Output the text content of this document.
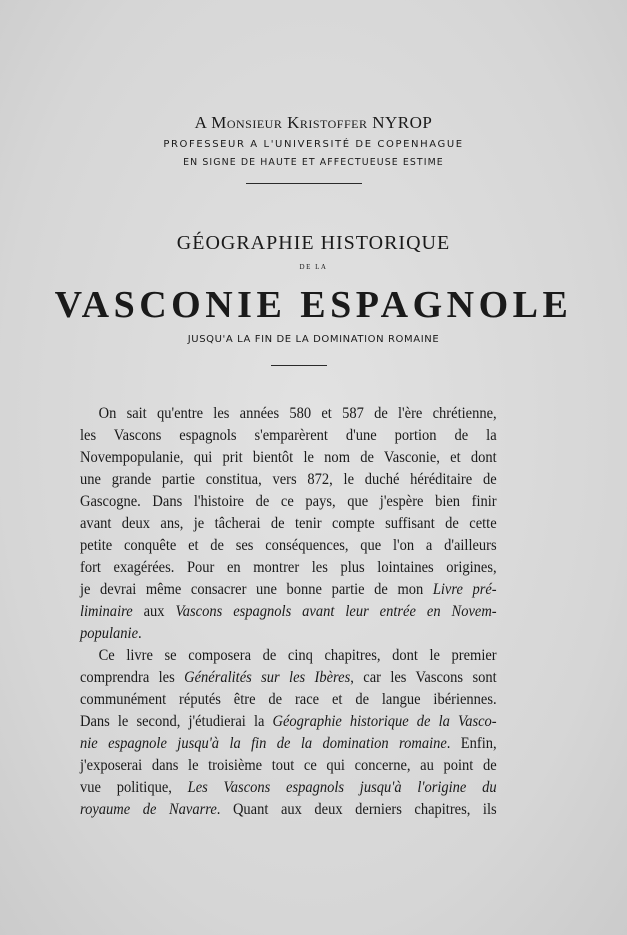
A Monsieur Kristoffer NYROP
PROFESSEUR A L'UNIVERSITÉ DE COPENHAGUE
EN SIGNE DE HAUTE ET AFFECTUEUSE ESTIME
GÉOGRAPHIE HISTORIQUE
DE LA
VASCONIE ESPAGNOLE
JUSQU'A LA FIN DE LA DOMINATION ROMAINE

On sait qu'entre les années 580 et 587 de l'ère chrétienne,

les Vascons espagnols s'emparèrent d'une portion de la

Novempopulanie, qui prit bientôt le nom de Vasconie, et dont

une grande partie constitua, vers 872, le duché héréditaire de

Gascogne. Dans l'histoire de ce pays, que j'espère bien finir

avant deux ans, je tâcherai de tenir compte suffisant de cette

petite conquête et de ses conséquences, que l'on a d'ailleurs

fort exagérées. Pour en montrer les plus lointaines origines,

je devrai même consacrer une bonne partie de mon Livre pré-

liminaire aux Vascons espagnols avant leur entrée en Novem-

populanie.

Ce livre se composera de cinq chapitres, dont le premier

comprendra les Généralités sur les Ibères, car les Vascons sont

communément réputés être de race et de langue ibériennes.

Dans le second, j'étudierai la Géographie historique de la Vasco-

nie espagnole jusqu'à la fin de la domination romaine. Enfin,

j'exposerai dans le troisième tout ce qui concerne, au point de

vue politique, Les Vascons espagnols jusqu'à l'origine du

royaume de Navarre. Quant aux deux derniers chapitres, ils
